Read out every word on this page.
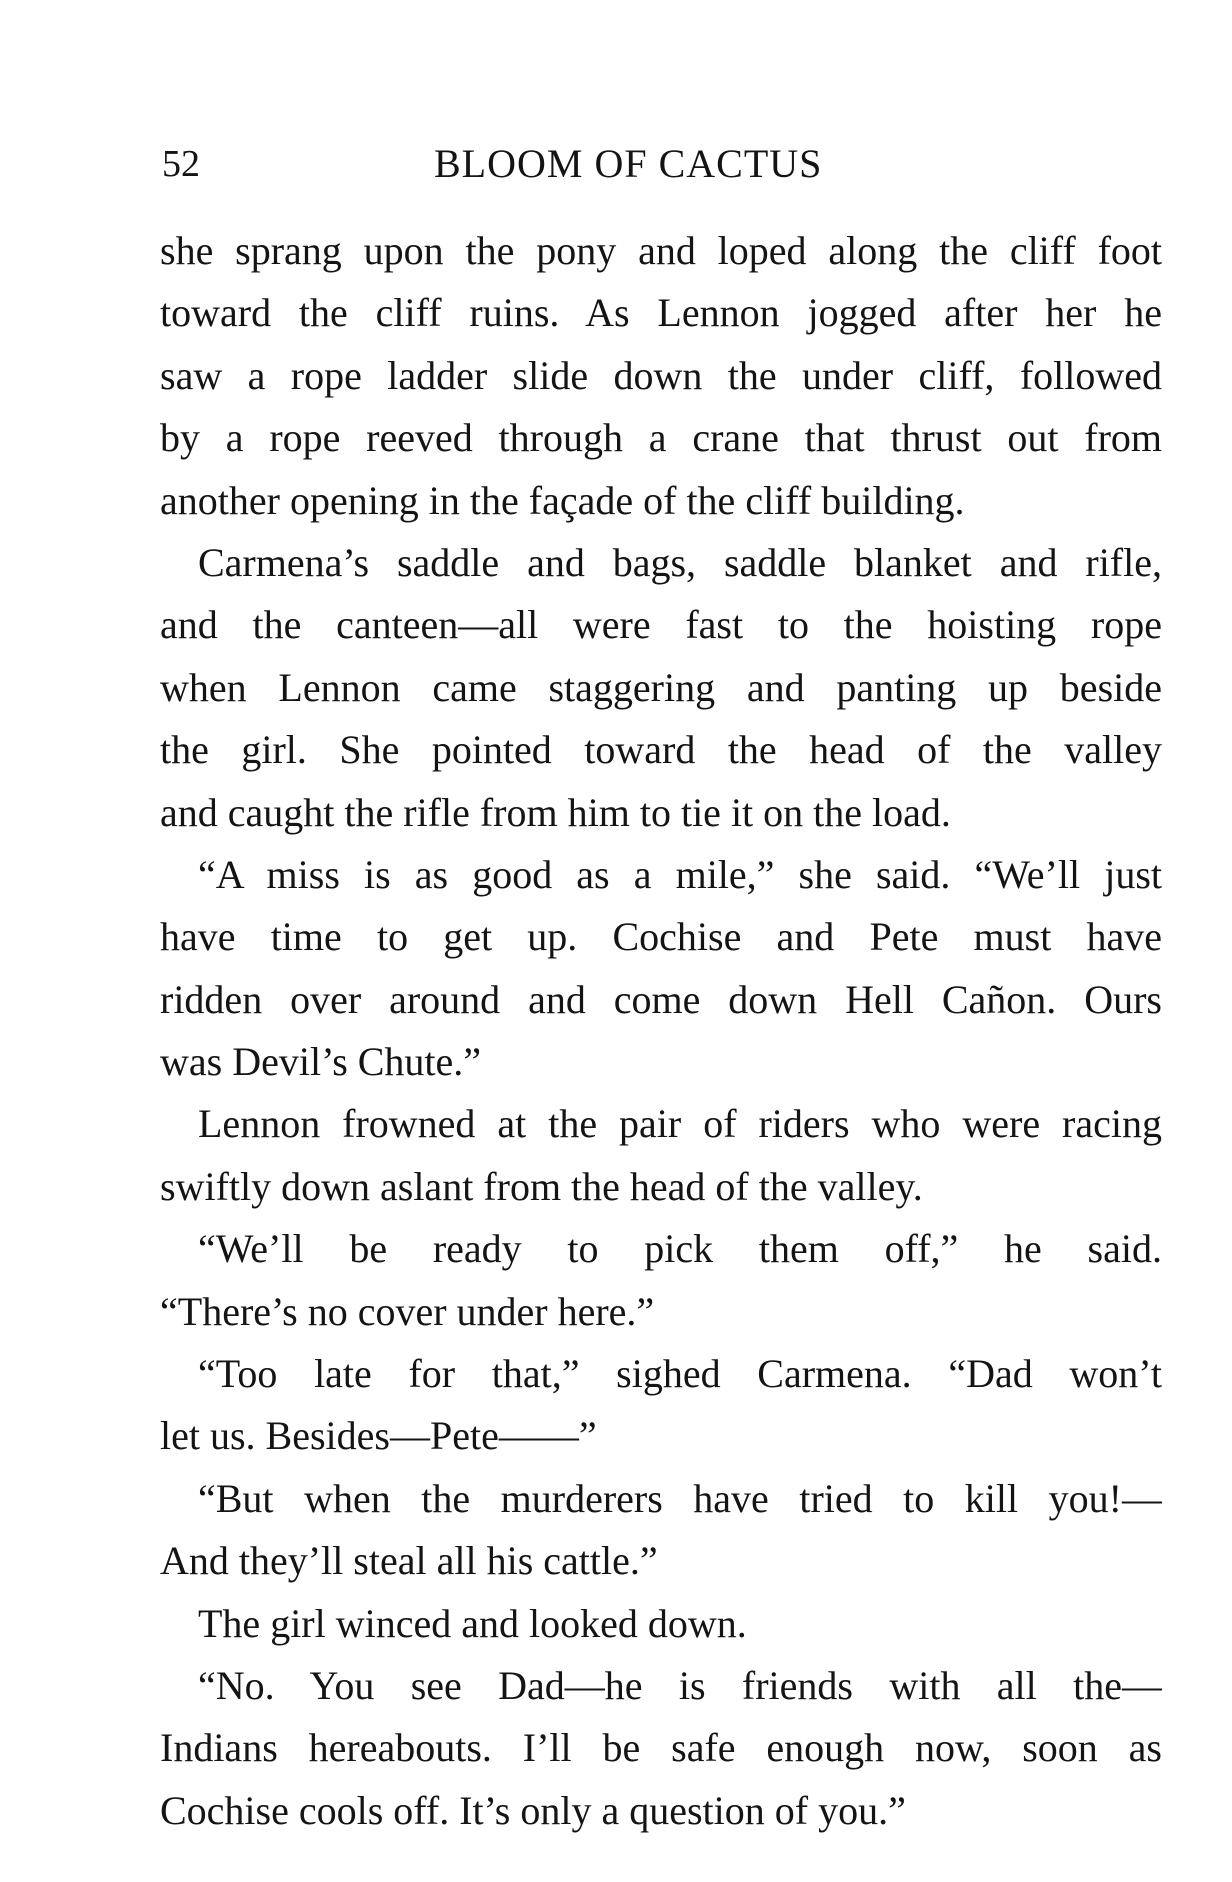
52	BLOOM OF CACTUS
she sprang upon the pony and loped along the cliff foot
toward the cliff ruins. As Lennon jogged after her he
saw a rope ladder slide down the under cliff, followed
by a rope reeved through a crane that thrust out from
another opening in the façade of the cliff building.
Carmena’s saddle and bags, saddle blanket and rifle,
and the canteen—all were fast to the hoisting rope
when Lennon came staggering and panting up beside
the girl. She pointed toward the head of the valley
and caught the rifle from him to tie it on the load.
“A miss is as good as a mile,” she said. “We’ll just
have time to get up. Cochise and Pete must have
ridden over around and come down Hell Cañon. Ours
was Devil’s Chute.”
Lennon frowned at the pair of riders who were racing
swiftly down aslant from the head of the valley.
“We’ll be ready to pick them off,” he said.
“There’s no cover under here.”
“Too late for that,” sighed Carmena. “Dad won’t
let us. Besides—Pete——”
“But when the murderers have tried to kill you!—
And they’ll steal all his cattle.”
The girl winced and looked down.
“No. You see Dad—he is friends with all the—
Indians hereabouts. I’ll be safe enough now, soon as
Cochise cools off. It’s only a question of you.”
